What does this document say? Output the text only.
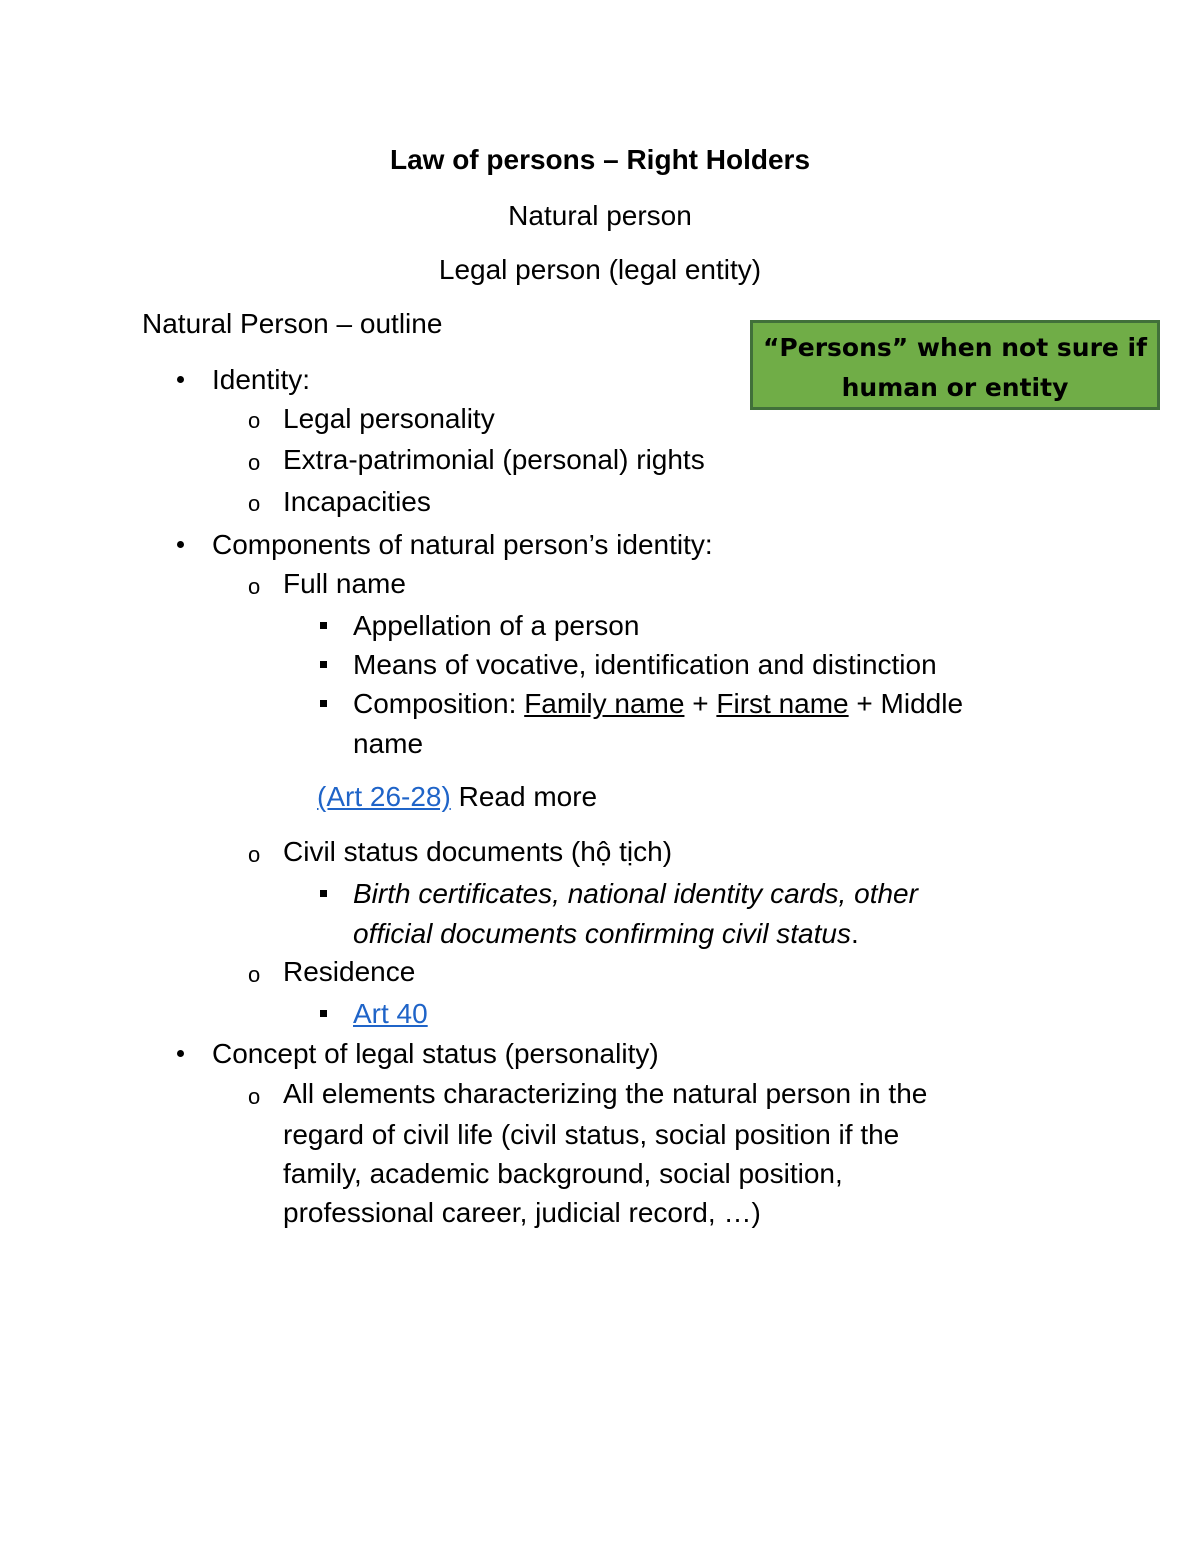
Law of persons – Right Holders
Natural person
Legal person (legal entity)
Natural Person – outline
“Persons” when not sure if
human or entity
Identity:
o Legal personality
o Extra-patrimonial (personal) rights
o Incapacities
Components of natural person’s identity:
o Full name
Appellation of a person
Means of vocative, identification and distinction
Composition: Family name + First name + Middle
name
(Art 26-28) Read more
o Civil status documents (hộ tịch)
Birth certificates, national identity cards, other
official documents confirming civil status.
o Residence
Art 40
Concept of legal status (personality)
o All elements characterizing the natural person in the
regard of civil life (civil status, social position if the
family, academic background, social position,
professional career, judicial record, …)
